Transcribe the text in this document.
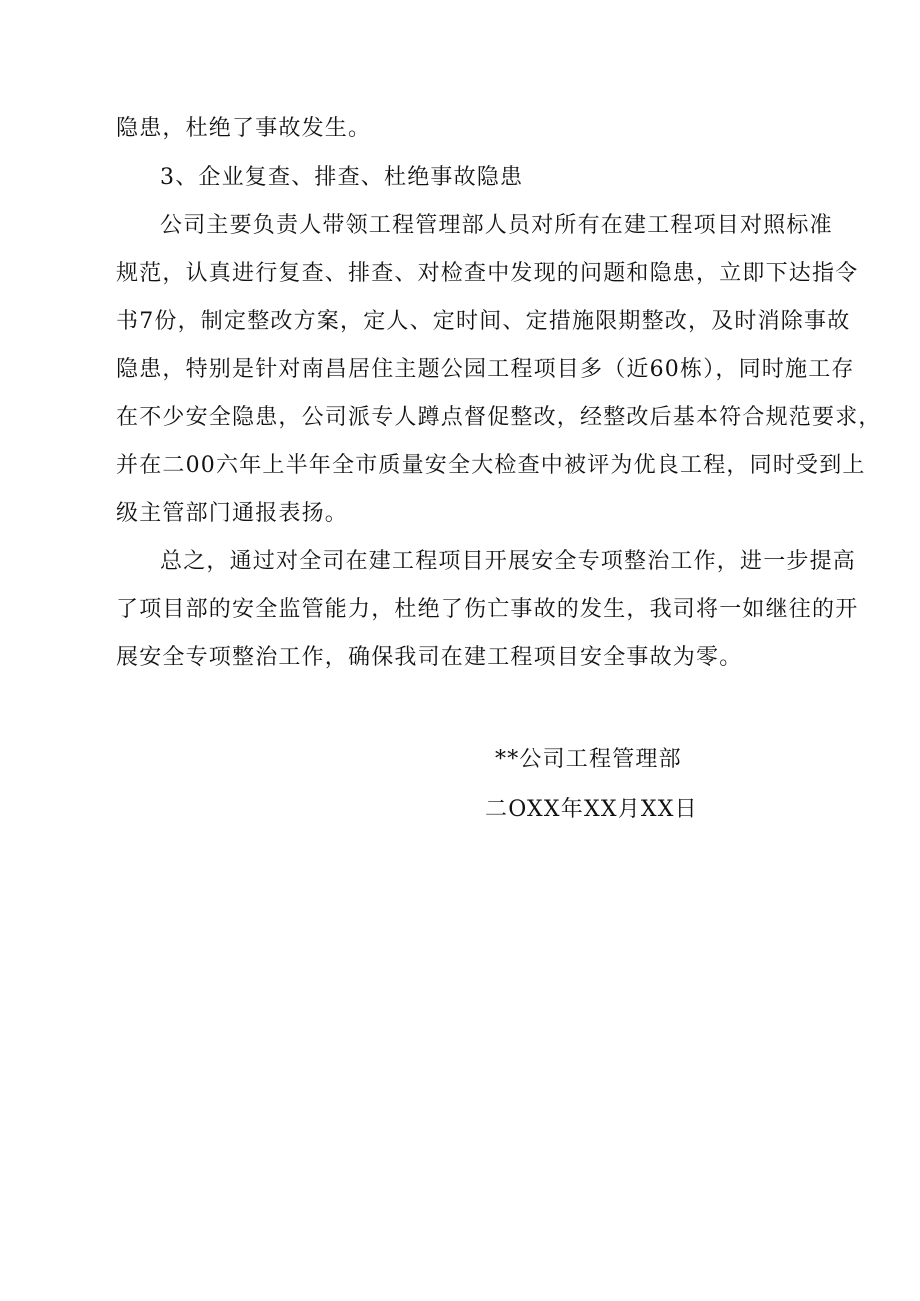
隐患，杜绝了事故发生。
3、企业复查、排查、杜绝事故隐患
公司主要负责人带领工程管理部人员对所有在建工程项目对照标准
规范，认真进行复查、排查、对检查中发现的问题和隐患，立即下达指令
书7份，制定整改方案，定人、定时间、定措施限期整改，及时消除事故
隐患，特别是针对南昌居住主题公园工程项目多（近60栋），同时施工存
在不少安全隐患，公司派专人蹲点督促整改，经整改后基本符合规范要求，
并在二00六年上半年全市质量安全大检查中被评为优良工程，同时受到上
级主管部门通报表扬。
总之，通过对全司在建工程项目开展安全专项整治工作，进一步提高
了项目部的安全监管能力，杜绝了伤亡事故的发生，我司将一如继往的开
展安全专项整治工作，确保我司在建工程项目安全事故为零。
**公司工程管理部
二OXX年XX月XX日
